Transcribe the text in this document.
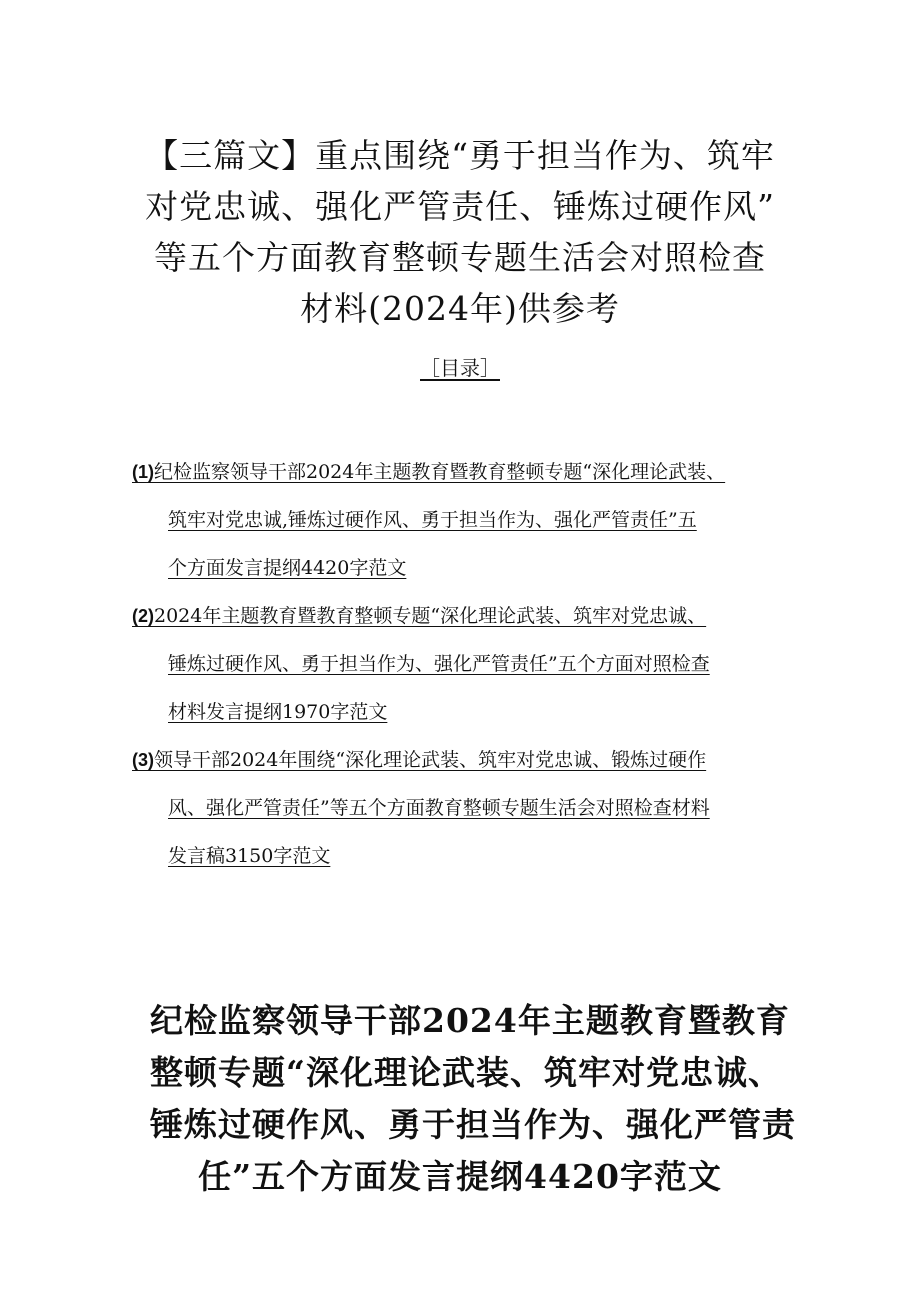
【三篇文】重点围绕“勇于担当作为、筑牢
对党忠诚、强化严管责任、锤炼过硬作风”
等五个方面教育整顿专题生活会对照检查
材料(2024年)供参考
［目录］
(1)纪检监察领导干部2024年主题教育暨教育整顿专题“深化理论武装、
筑牢对党忠诚,锤炼过硬作风、勇于担当作为、强化严管责任”五
个方面发言提纲4420字范文
(2)2024年主题教育暨教育整顿专题“深化理论武装、筑牢对党忠诚、
锤炼过硬作风、勇于担当作为、强化严管责任”五个方面对照检查
材料发言提纲1970字范文
(3)领导干部2024年围绕“深化理论武装、筑牢对党忠诚、锻炼过硬作
风、强化严管责任”等五个方面教育整顿专题生活会对照检查材料
发言稿3150字范文
纪检监察领导干部2024年主题教育暨教育
整顿专题“深化理论武装、筑牢对党忠诚、
锤炼过硬作风、勇于担当作为、强化严管责
任”五个方面发言提纲4420字范文
